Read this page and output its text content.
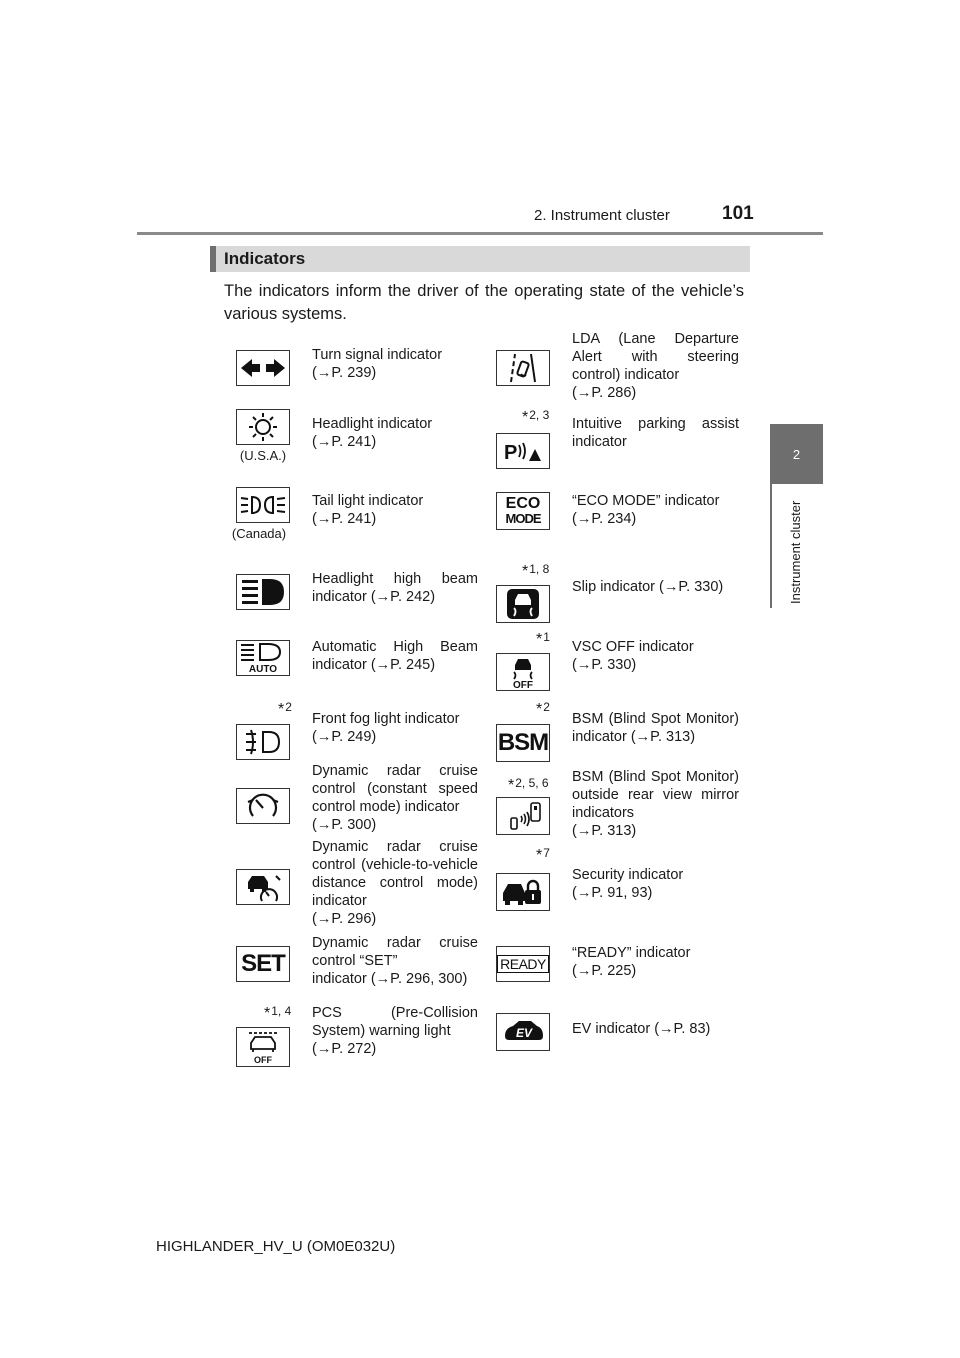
2. Instrument cluster	101
2
Instrument cluster
Indicators
The indicators inform the driver of the operating state of the vehicle’s various systems.
Turn signal indicator
(→P. 239)
(U.S.A.)
Headlight indicator
(→P. 241)
(Canada)
Tail light indicator
(→P. 241)
Headlight high beam indicator (→P. 242)
AUTO
Automatic High Beam indicator (→P. 245)
*2
Front fog light indicator
(→P. 249)
Dynamic radar cruise control (constant speed control mode) indicator
(→P. 300)
Dynamic radar cruise control (vehicle-to-vehicle distance control mode) indicator
(→P. 296)
SET
Dynamic radar cruise control “SET”
indicator (→P. 296, 300)
*1, 4
OFF
PCS (Pre-Collision System) warning light
(→P. 272)
LDA (Lane Departure Alert with steering control) indicator
(→P. 286)
*2, 3
P
Intuitive parking assist indicator
ECO
MODE
“ECO MODE” indicator
(→P. 234)
*1, 8
Slip indicator (→P. 330)
*1
OFF
VSC OFF indicator
(→P. 330)
*2
BSM
BSM (Blind Spot Monitor) indicator (→P. 313)
*2, 5, 6 BSM (Blind Spot Monitor) outside rear view mirror indicators
(→P. 313)
*7
Security indicator
(→P. 91, 93)
READY
“READY” indicator
(→P. 225)
EV	EV indicator (→P. 83)
HIGHLANDER_HV_U (OM0E032U)
